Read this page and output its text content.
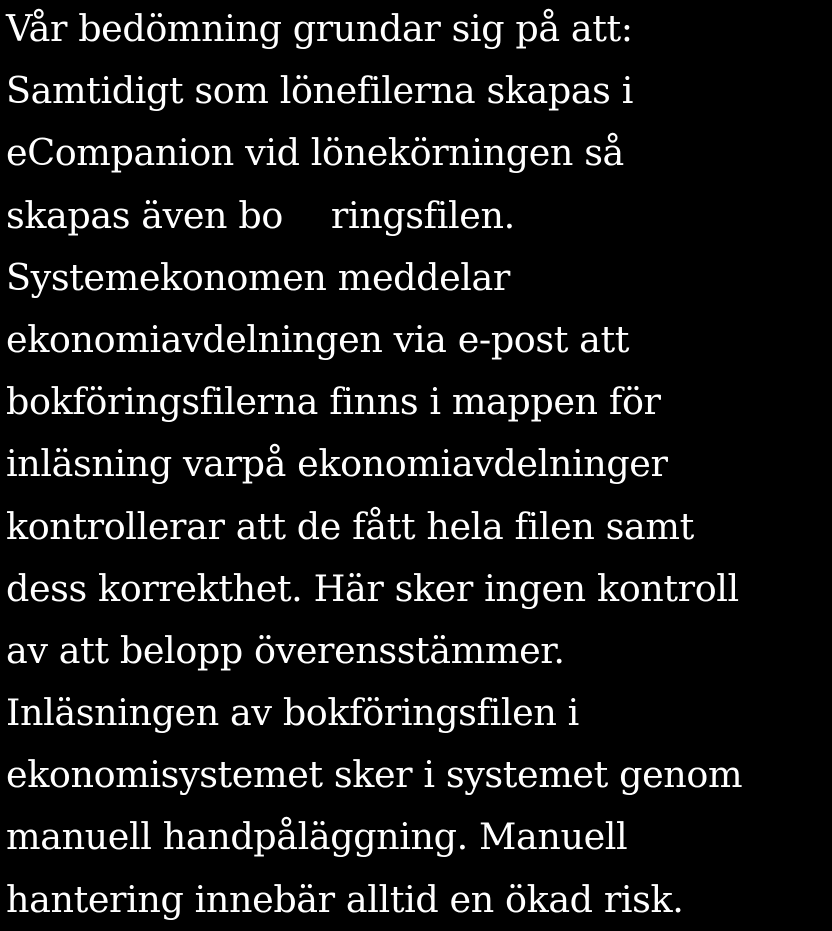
Vår bedömning grundar sig på att:
Samtidigt som lönefilerna skapas i
eCompanion vid lönekörningen så
skapas även bo ringsfilen.
Systemekonomen meddelar
ekonomiavdelningen via e-post att
bokföringsfilerna finns i mappen för
inläsning varpå ekonomiavdelninger
kontrollerar att de fått hela filen samt
dess korrekthet. Här sker ingen kontroll
av att belopp överensstämmer.
Inläsningen av bokföringsfilen i
ekonomisystemet sker i systemet genom
manuell handpåläggning. Manuell
hantering innebär alltid en ökad risk.
